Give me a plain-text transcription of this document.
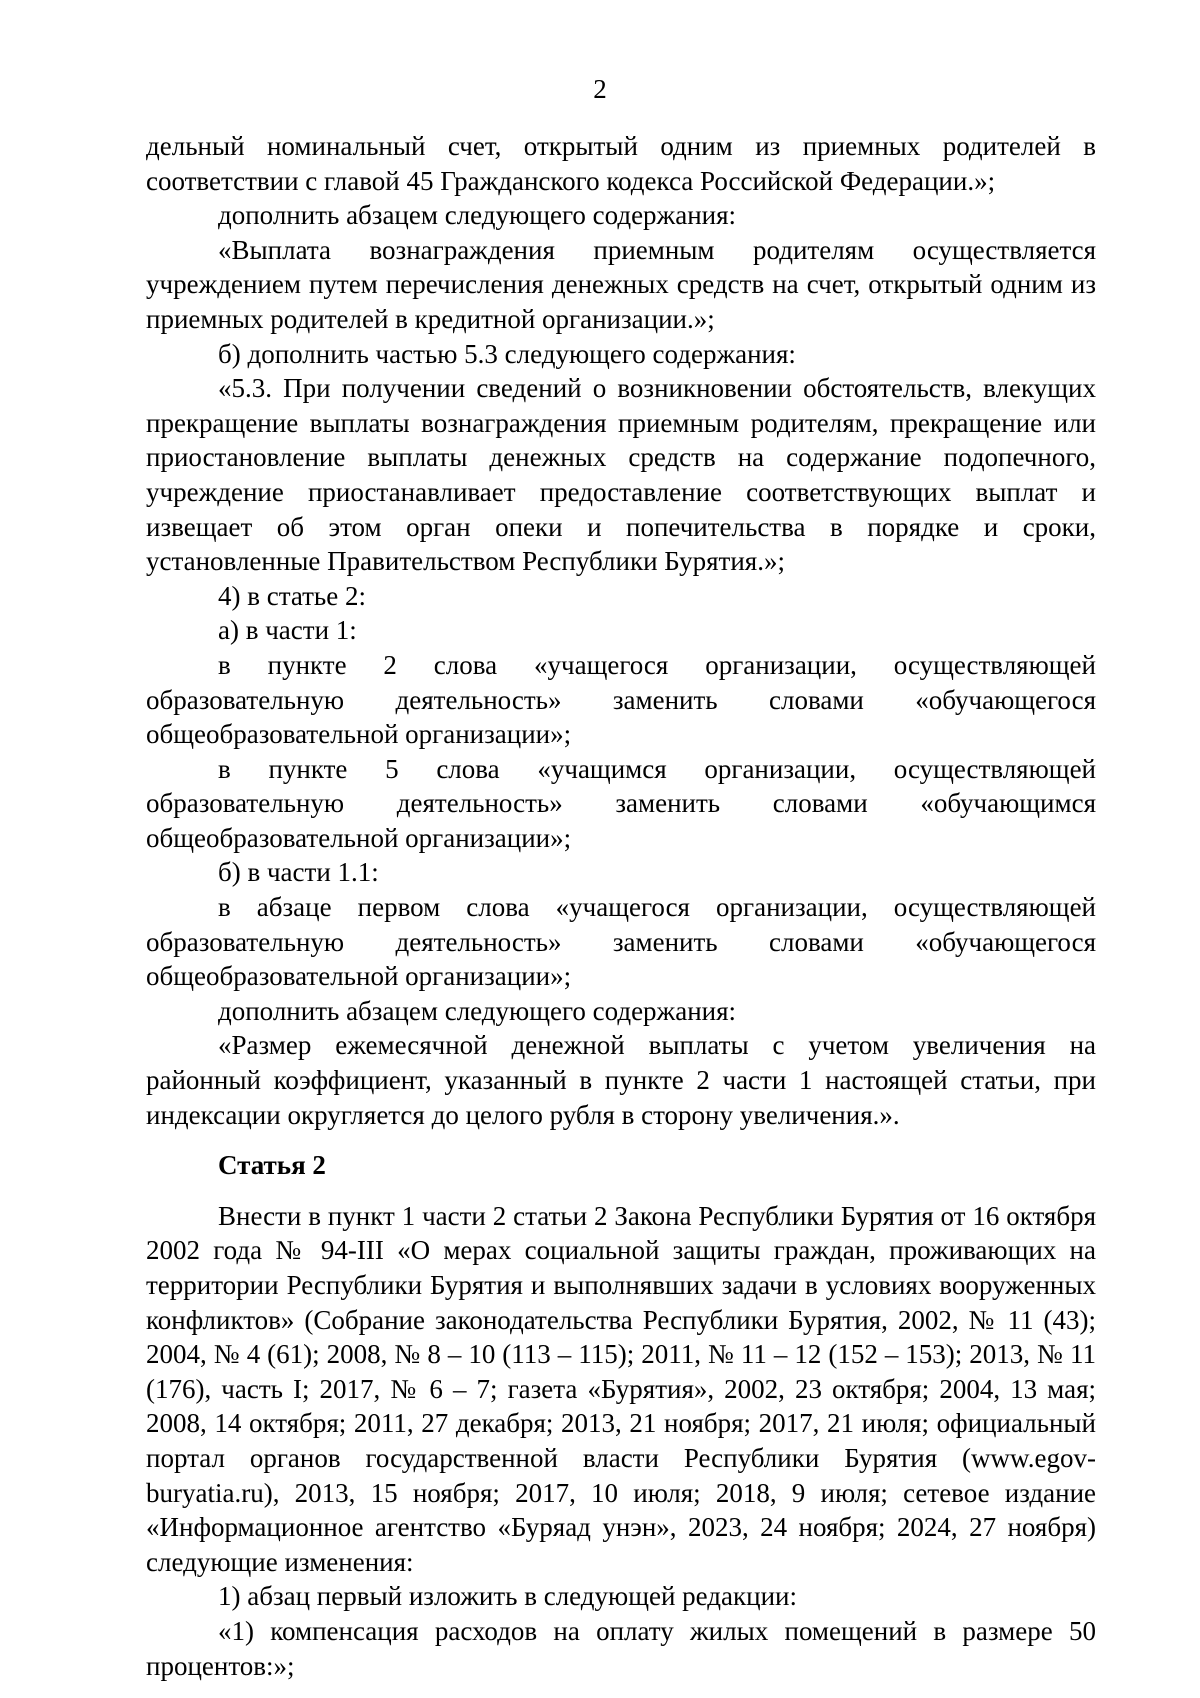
2

дельный номинальный счет, открытый одним из приемных родителей в соответствии с главой 45 Гражданского кодекса Российской Федерации.»;

дополнить абзацем следующего содержания:

«Выплата вознаграждения приемным родителям осуществляется учреждением путем перечисления денежных средств на счет, открытый одним из приемных родителей в кредитной организации.»;

б) дополнить частью 5.3 следующего содержания:

«5.3. При получении сведений о возникновении обстоятельств, влекущих прекращение выплаты вознаграждения приемным родителям, прекращение или приостановление выплаты денежных средств на содержание подопечного, учреждение приостанавливает предоставление соответствующих выплат и извещает об этом орган опеки и попечительства в порядке и сроки, установленные Правительством Республики Бурятия.»;

4) в статье 2:

а) в части 1:

в пункте 2 слова «учащегося организации, осуществляющей образовательную деятельность» заменить словами «обучающегося общеобразовательной организации»;

в пункте 5 слова «учащимся организации, осуществляющей образовательную деятельность» заменить словами «обучающимся общеобразовательной организации»;

б) в части 1.1:

в абзаце первом слова «учащегося организации, осуществляющей образовательную деятельность» заменить словами «обучающегося общеобразовательной организации»;

дополнить абзацем следующего содержания:

«Размер ежемесячной денежной выплаты с учетом увеличения на районный коэффициент, указанный в пункте 2 части 1 настоящей статьи, при индексации округляется до целого рубля в сторону увеличения.».

Статья 2

Внести в пункт 1 части 2 статьи 2 Закона Республики Бурятия от 16 октября 2002 года № 94-III «О мерах социальной защиты граждан, проживающих на территории Республики Бурятия и выполнявших задачи в условиях вооруженных конфликтов» (Собрание законодательства Республики Бурятия, 2002, № 11 (43); 2004, № 4 (61); 2008, № 8 – 10 (113 – 115); 2011, № 11 – 12 (152 – 153); 2013, № 11 (176), часть I; 2017, № 6 – 7; газета «Бурятия», 2002, 23 октября; 2004, 13 мая; 2008, 14 октября; 2011, 27 декабря; 2013, 21 ноября; 2017, 21 июля; официальный портал органов государственной власти Республики Бурятия (www.egov-buryatia.ru), 2013, 15 ноября; 2017, 10 июля; 2018, 9 июля; сетевое издание «Информационное агентство «Буряад унэн», 2023, 24 ноября; 2024, 27 ноября) следующие изменения:

1) абзац первый изложить в следующей редакции:

«1) компенсация расходов на оплату жилых помещений в размере 50 процентов:»;
